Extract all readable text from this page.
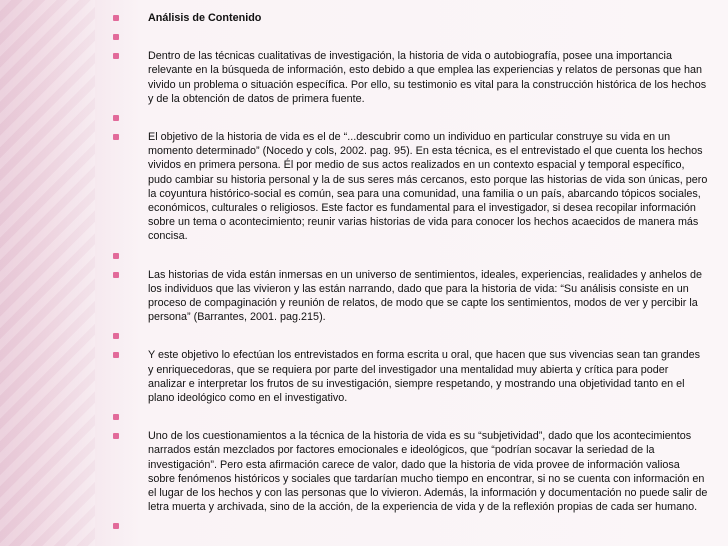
Análisis de Contenido
Dentro de las técnicas cualitativas de investigación, la historia de vida o autobiografía, posee una importancia relevante en la búsqueda de información, esto debido a que emplea las experiencias y relatos de personas que han vivido un problema o situación específica. Por ello, su testimonio es vital para la construcción histórica de los hechos y de la obtención de datos de primera fuente.
El objetivo de la historia de vida es el de “...descubrir como un individuo en particular construye su vida en un momento determinado” (Nocedo y cols, 2002. pag. 95). En esta técnica, es el entrevistado el que cuenta los hechos vividos en primera persona. Él por medio de sus actos realizados en un contexto espacial y temporal específico, pudo cambiar su historia personal y la de sus seres más cercanos, esto porque las historias de vida son únicas, pero la coyuntura histórico-social es común, sea para una comunidad, una familia o un país, abarcando tópicos sociales, económicos, culturales o religiosos. Este factor es fundamental para el investigador, si desea recopilar información sobre un tema o acontecimiento; reunir varias historias de vida para conocer los hechos acaecidos de manera más concisa.
Las historias de vida están inmersas en un universo de sentimientos, ideales, experiencias, realidades y anhelos de los individuos que las vivieron y las están narrando, dado que para la historia de vida: “Su análisis consiste en un proceso de compaginación y reunión de relatos, de modo que se capte los sentimientos, modos de ver y percibir la persona” (Barrantes, 2001. pag.215).
Y este objetivo lo efectúan los entrevistados en forma escrita u oral, que hacen que sus vivencias sean tan grandes y enriquecedoras, que se requiera por parte del investigador una mentalidad muy abierta y crítica para poder analizar e interpretar los frutos de su investigación, siempre respetando, y mostrando una objetividad tanto en el plano ideológico como en el investigativo.
Uno de los cuestionamientos a la técnica de la historia de vida es su “subjetividad”, dado que los acontecimientos narrados están mezclados por factores emocionales e ideológicos, que “podrían socavar la seriedad de la investigación”. Pero esta afirmación carece de valor, dado que la historia de vida provee de información valiosa sobre fenómenos históricos y sociales que tardarían mucho tiempo en encontrar, si no se cuenta con información en el lugar de los hechos y con las personas que lo vivieron. Además, la información y documentación no puede salir de letra muerta y archivada, sino de la acción, de la experiencia de vida y de la reflexión propias de cada ser humano.
